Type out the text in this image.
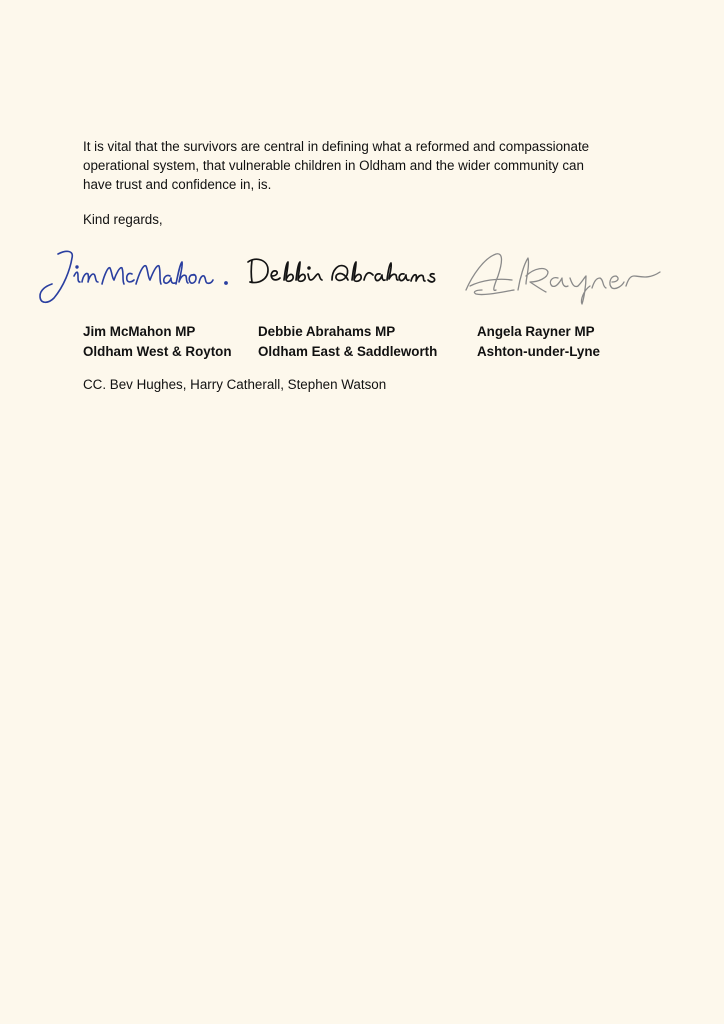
It is vital that the survivors are central in defining what a reformed and compassionate
operational system, that vulnerable children in Oldham and the wider community can
have trust and confidence in, is.

Kind regards,

Jim McMahon MP
Oldham West & Royton
Debbie Abrahams MP
Oldham East & Saddleworth
Angela Rayner MP
Ashton-under-Lyne

CC. Bev Hughes, Harry Catherall, Stephen Watson
